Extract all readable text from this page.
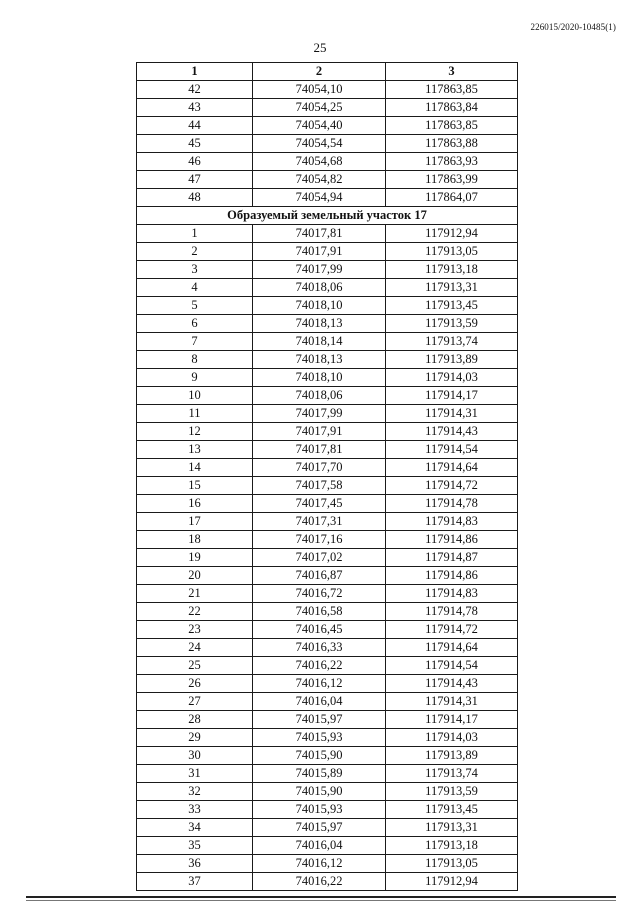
226015/2020-10485(1)
25
1	2	3
42	74054,10	117863,85
43	74054,25	117863,84
44	74054,40	117863,85
45	74054,54	117863,88
46	74054,68	117863,93
47	74054,82	117863,99
48	74054,94	117864,07
Образуемый земельный участок 17		
1	74017,81	117912,94
2	74017,91	117913,05
3	74017,99	117913,18
4	74018,06	117913,31
5	74018,10	117913,45
6	74018,13	117913,59
7	74018,14	117913,74
8	74018,13	117913,89
9	74018,10	117914,03
10	74018,06	117914,17
11	74017,99	117914,31
12	74017,91	117914,43
13	74017,81	117914,54
14	74017,70	117914,64
15	74017,58	117914,72
16	74017,45	117914,78
17	74017,31	117914,83
18	74017,16	117914,86
19	74017,02	117914,87
20	74016,87	117914,86
21	74016,72	117914,83
22	74016,58	117914,78
23	74016,45	117914,72
24	74016,33	117914,64
25	74016,22	117914,54
26	74016,12	117914,43
27	74016,04	117914,31
28	74015,97	117914,17
29	74015,93	117914,03
30	74015,90	117913,89
31	74015,89	117913,74
32	74015,90	117913,59
33	74015,93	117913,45
34	74015,97	117913,31
35	74016,04	117913,18
36	74016,12	117913,05
37	74016,22	117912,94
